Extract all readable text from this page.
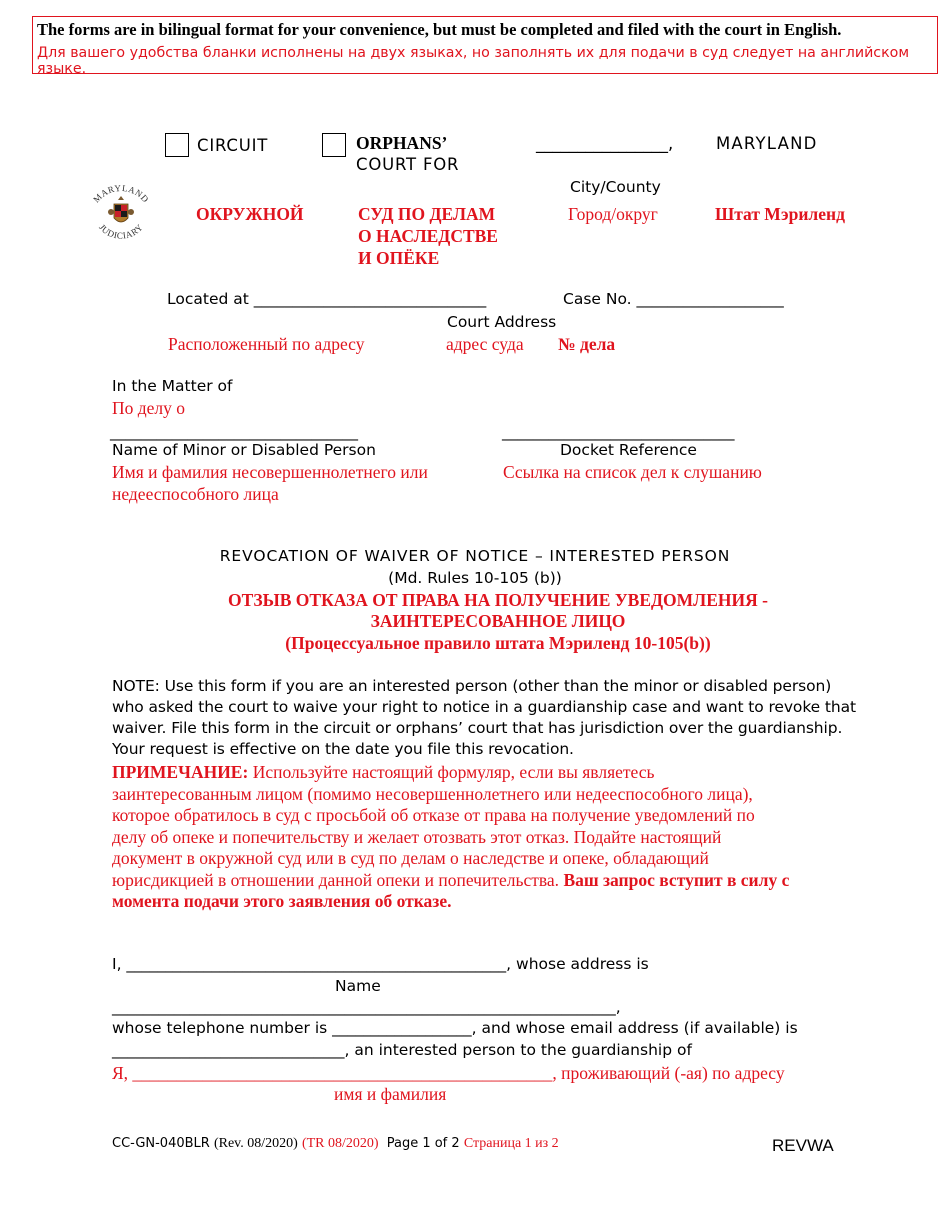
The forms are in bilingual format for your convenience, but must be completed and filed with the court in English.
Для вашего удобства бланки исполнены на двух языках, но заполнять их для подачи в суд следует на английском языке.
CIRCUIT	ORPHANS’
COURT FOR
________________,	MARYLAND
City/County
MARYLAND
JUDICIARY
ОКРУЖНОЙ	СУД ПО ДЕЛАМ
О НАСЛЕДСТВЕ
И ОПЁКЕ
Город/округ	Штат Мэриленд
Located at ______________________________	Case No. ___________________
Court Address
Расположенный по адресу	адрес суда № дела
In the Matter of
По делу о
________________________________	______________________________
Name of Minor or Disabled Person	Docket Reference
Имя и фамилия несовершеннолетнего или
недееспособного лица
Ссылка на список дел к слушанию
REVOCATION OF WAIVER OF NOTICE – INTERESTED PERSON
(Md. Rules 10-105 (b))
ОТЗЫВ ОТКАЗА ОТ ПРАВА НА ПОЛУЧЕНИЕ УВЕДОМЛЕНИЯ -
ЗАИНТЕРЕСОВАННОЕ ЛИЦО
(Процессуальное правило штата Мэриленд 10-105(b))
NOTE: Use this form if you are an interested person (other than the minor or disabled person)
who asked the court to waive your right to notice in a guardianship case and want to revoke that
waiver. File this form in the circuit or orphans’ court that has jurisdiction over the guardianship.
Your request is effective on the date you file this revocation.
ПРИМЕЧАНИЕ: Используйте настоящий формуляр, если вы являетесь
заинтересованным лицом (помимо несовершеннолетнего или недееспособного лица),
которое обратилось в суд с просьбой об отказе от права на получение уведомлений по
делу об опеке и попечительству и желает отозвать этот отказ. Подайте настоящий
документ в окружной суд или в суд по делам о наследстве и опеке, обладающий
юрисдикцией в отношении данной опеки и попечительства. Ваш запрос вступит в силу с
момента подачи этого заявления об отказе.
I, _________________________________________________, whose address is
Name
_________________________________________________________________,
whose telephone number is __________________, and whose email address (if available) is
______________________________, an interested person to the guardianship of
Я, ________________________________________________, проживающий (-ая) по адресу
имя и фамилия
CC-GN-040BLR (Rev. 08/2020) (TR 08/2020) Page 1 of 2 Страница 1 из 2	REVWA
